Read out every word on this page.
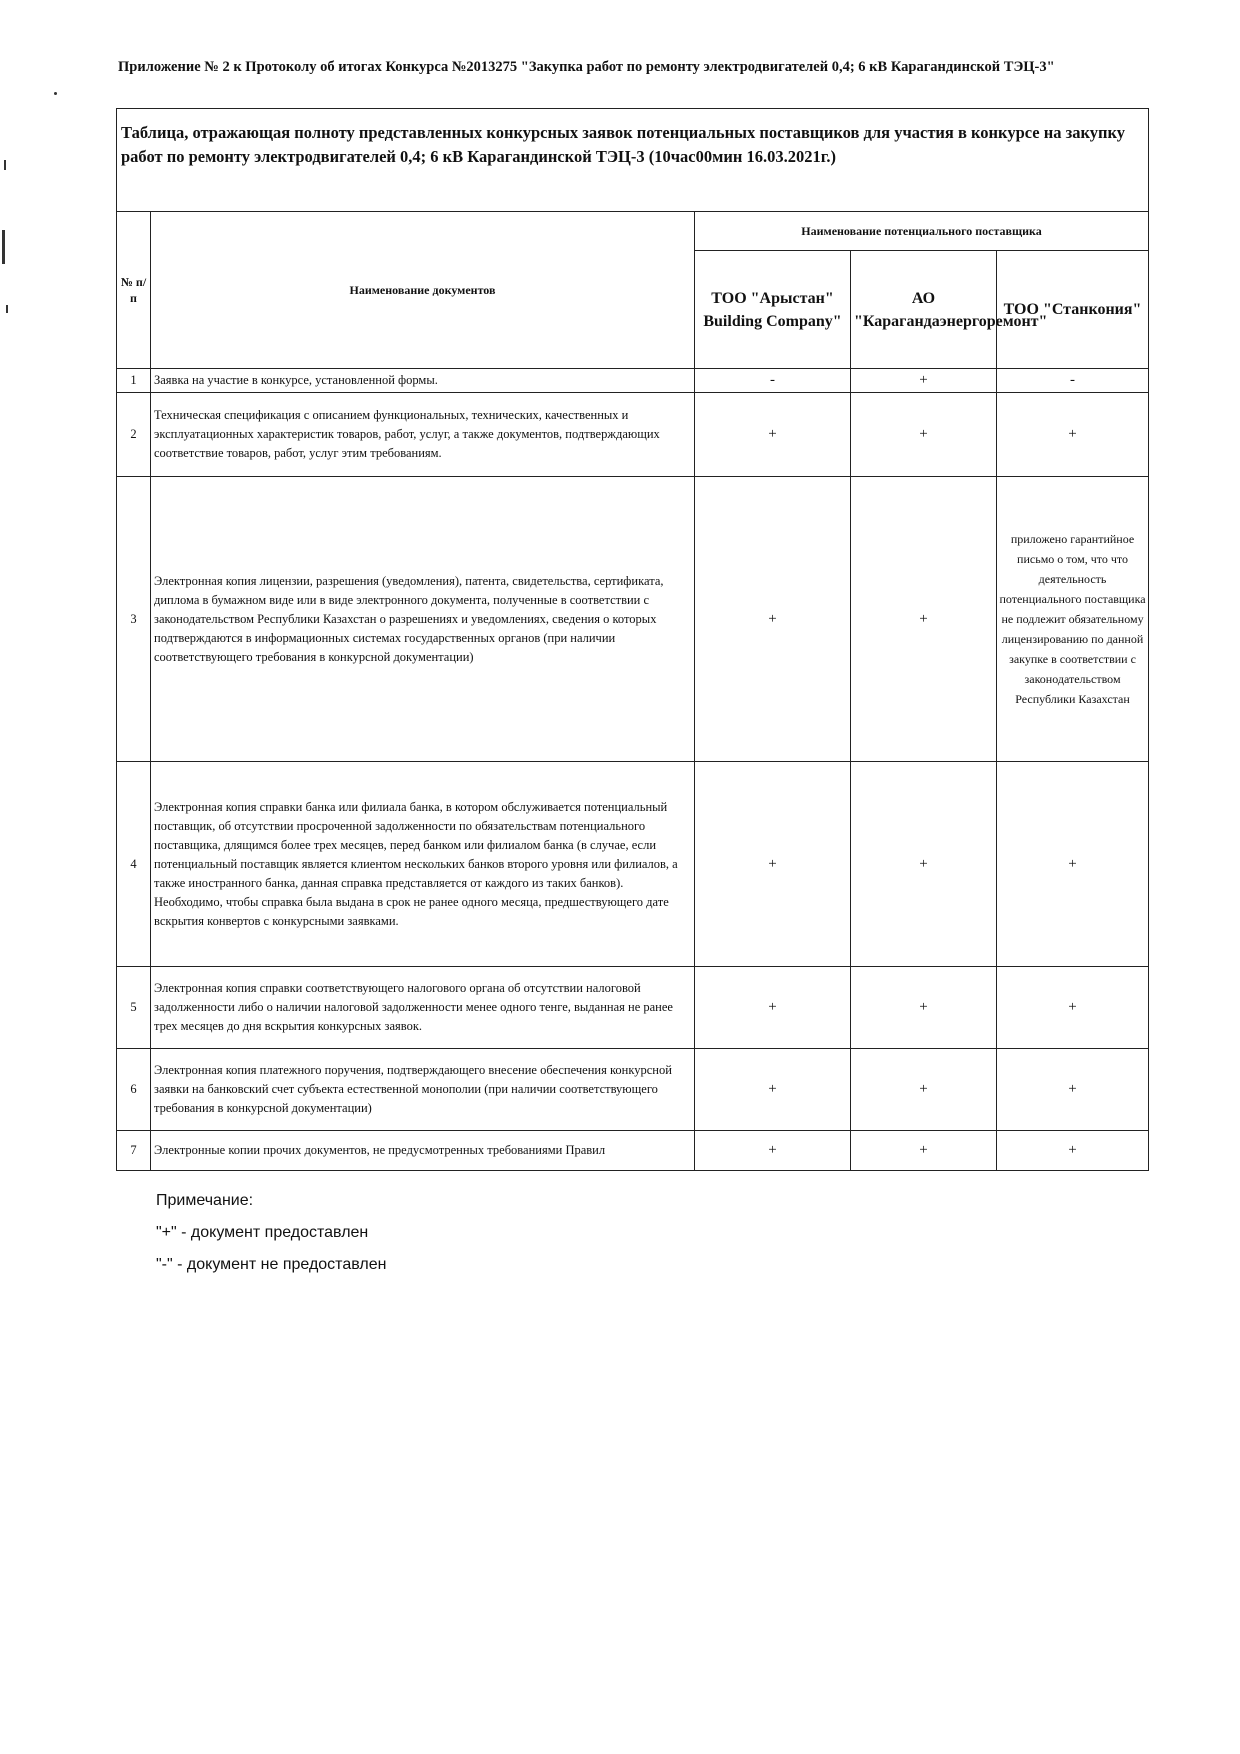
Приложение № 2 к Протоколу об итогах Конкурса №2013275 "Закупка работ по ремонту электродвигателей 0,4; 6 кВ Карагандинской ТЭЦ-3"
Таблица, отражающая полноту представленных конкурсных заявок потенциальных поставщиков для участия в конкурсе на закупку работ по ремонту электродвигателей 0,4; 6 кВ Карагандинской ТЭЦ-3 (10час00мин 16.03.2021г.)				
№ п/п	Наименование документов	Наименование потенциального поставщика		
		ТОО "Арыстан" Building Company"	АО "Карагандаэнергоремонт"	ТОО "Станкония"
1	Заявка на участие в конкурсе, установленной формы.	-	+	-
2	Техническая спецификация с описанием функциональных, технических, качественных и эксплуатационных характеристик товаров, работ, услуг, а также документов, подтверждающих соответствие товаров, работ, услуг этим требованиям.	+	+	+
3	Электронная копия лицензии, разрешения (уведомления), патента, свидетельства, сертификата, диплома в бумажном виде или в виде электронного документа, полученные в соответствии с законодательством Республики Казахстан о разрешениях и уведомлениях, сведения о которых подтверждаются в информационных системах государственных органов (при наличии соответствующего требования в конкурсной документации)	+	+	приложено гарантийное письмо о том, что что деятельность потенциального поставщика не подлежит обязательному лицензированию по данной закупке в соответствии с законодательством Республики Казахстан
4	Электронная копия справки банка или филиала банка, в котором обслуживается потенциальный поставщик, об отсутствии просроченной задолженности по обязательствам потенциального поставщика, длящимся более трех месяцев, перед банком или филиалом банка (в случае, если потенциальный поставщик является клиентом нескольких банков второго уровня или филиалов, а также иностранного банка, данная справка представляется от каждого из таких банков). Необходимо, чтобы справка была выдана в срок не ранее одного месяца, предшествующего дате вскрытия конвертов с конкурсными заявками.	+	+	+
5	Электронная копия справки соответствующего налогового органа об отсутствии налоговой задолженности либо о наличии налоговой задолженности менее одного тенге, выданная не ранее трех месяцев до дня вскрытия конкурсных заявок.	+	+	+
6	Электронная копия платежного поручения, подтверждающего внесение обеспечения конкурсной заявки на банковский счет субъекта естественной монополии (при наличии соответствующего требования в конкурсной документации)	+	+	+
7	Электронные копии прочих документов, не предусмотренных требованиями Правил	+	+	+
Примечание:
"+" - документ предоставлен
"-" - документ не предоставлен
